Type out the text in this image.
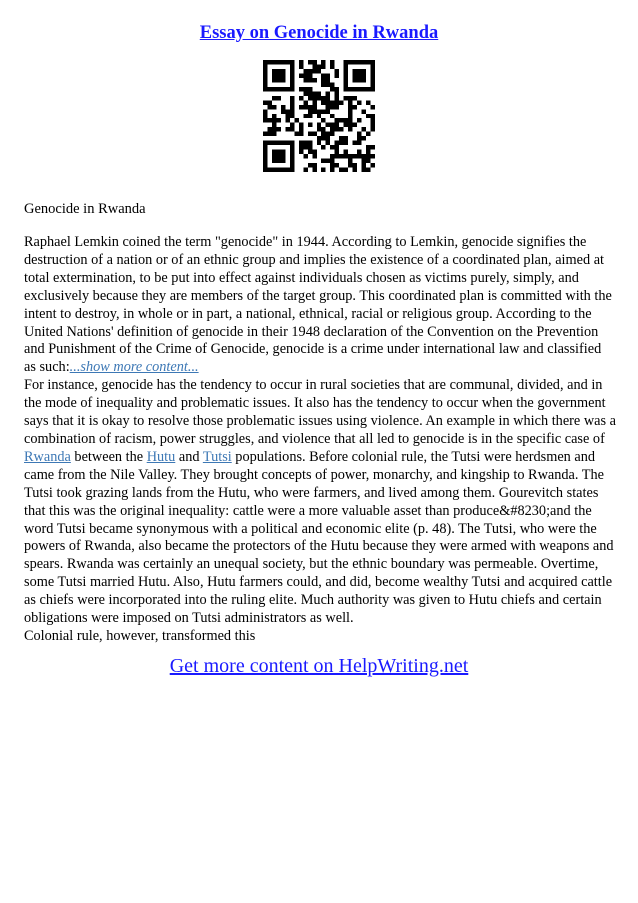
Essay on Genocide in Rwanda
Genocide in Rwanda

Raphael Lemkin coined the term "genocide" in 1944. According to Lemkin, genocide signifies the destruction of a nation or of an ethnic group and implies the existence of a coordinated plan, aimed at total extermination, to be put into effect against individuals chosen as victims purely, simply, and exclusively because they are members of the target group. This coordinated plan is committed with the intent to destroy, in whole or in part, a national, ethnical, racial or religious group. According to the United Nations' definition of genocide in their 1948 declaration of the Convention on the Prevention and Punishment of the Crime of Genocide, genocide is a crime under international law and classified as such:...show more content...

For instance, genocide has the tendency to occur in rural societies that are communal, divided, and in the mode of inequality and problematic issues. It also has the tendency to occur when the government says that it is okay to resolve those problematic issues using violence. An example in which there was a combination of racism, power struggles, and violence that all led to genocide is in the specific case of Rwanda between the Hutu and Tutsi populations. Before colonial rule, the Tutsi were herdsmen and came from the Nile Valley. They brought concepts of power, monarchy, and kingship to Rwanda. The Tutsi took grazing lands from the Hutu, who were farmers, and lived among them. Gourevitch states that this was the original inequality: cattle were a more valuable asset than produce&#8230;and the word Tutsi became synonymous with a political and economic elite (p. 48). The Tutsi, who were the powers of Rwanda, also became the protectors of the Hutu because they were armed with weapons and spears. Rwanda was certainly an unequal society, but the ethnic boundary was permeable. Overtime, some Tutsi married Hutu. Also, Hutu farmers could, and did, become wealthy Tutsi and acquired cattle as chiefs were incorporated into the ruling elite. Much authority was given to Hutu chiefs and certain obligations were imposed on Tutsi administrators as well.

Colonial rule, however, transformed this

Get more content on HelpWriting.net
